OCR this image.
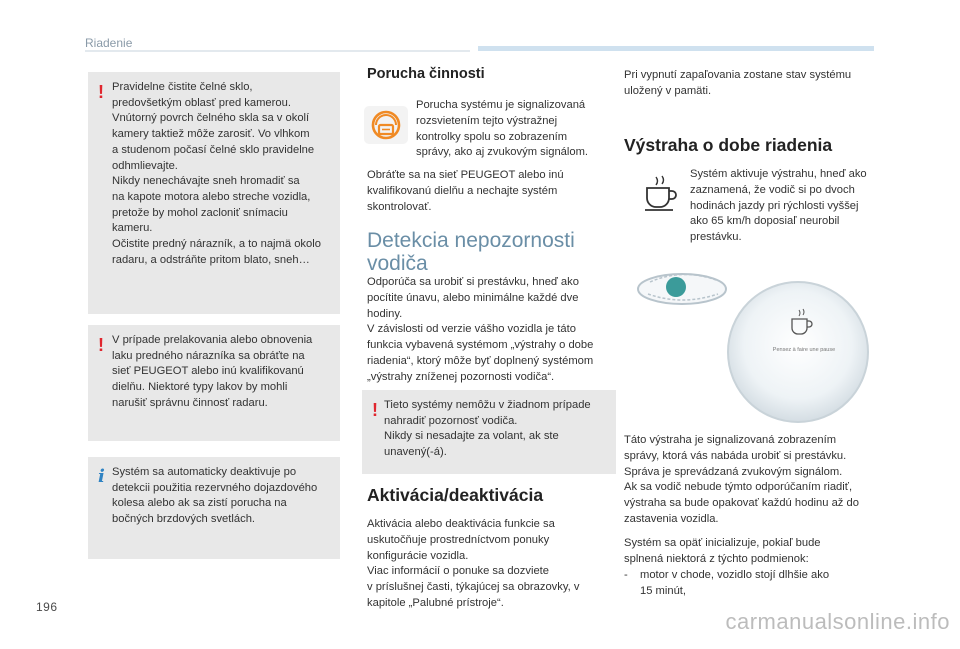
Riadenie
! Pravidelne čistite čelné sklo,
predovšetkým oblasť pred kamerou.
Vnútorný povrch čelného skla sa v okolí
kamery taktiež môže zarosiť. Vo vlhkom
a studenom počasí čelné sklo pravidelne
odhmlievajte.
Nikdy nenechávajte sneh hromadiť sa
na kapote motora alebo streche vozidla,
pretože by mohol zacloniť snímaciu
kameru.
Očistite predný nárazník, a to najmä okolo
radaru, a odstráňte pritom blato, sneh…

! V prípade prelakovania alebo obnovenia
laku predného nárazníka sa obráťte na
sieť PEUGEOT alebo inú kvalifikovanú
dielňu. Niektoré typy lakov by mohli
narušiť správnu činnosť radaru.

i Systém sa automaticky deaktivuje po
detekcii použitia rezervného dojazdového
kolesa alebo ak sa zistí porucha na
bočných brzdových svetlách.

Porucha činnosti

Porucha systému je signalizovaná
rozsvietením tejto výstražnej
kontrolky spolu so zobrazením
správy, ako aj zvukovým signálom.

Obráťte sa na sieť PEUGEOT alebo inú
kvalifikovanú dielňu a nechajte systém
skontrolovať.

Detekcia nepozornosti
vodiča

Odporúča sa urobiť si prestávku, hneď ako
pocítite únavu, alebo minimálne každé dve
hodiny.
V závislosti od verzie vášho vozidla je táto
funkcia vybavená systémom „výstrahy o dobe
riadenia“, ktorý môže byť doplnený systémom
„výstrahy zníženej pozornosti vodiča“.

! Tieto systémy nemôžu v žiadnom prípade
nahradiť pozornosť vodiča.
Nikdy si nesadajte za volant, ak ste
unavený(-á).

Aktivácia/deaktivácia

Aktivácia alebo deaktivácia funkcie sa
uskutočňuje prostredníctvom ponuky
konfigurácie vozidla.
Viac informácií o ponuke sa dozviete
v príslušnej časti, týkajúcej sa obrazovky, v
kapitole „Palubné prístroje“.

Pri vypnutí zapaľovania zostane stav systému
uložený v pamäti.

Výstraha o dobe riadenia

Systém aktivuje výstrahu, hneď ako
zaznamená, že vodič si po dvoch
hodinách jazdy pri rýchlosti vyššej
ako 65 km/h doposiaľ neurobil
prestávku.

Pensez à faire une pause

Táto výstraha je signalizovaná zobrazením
správy, ktorá vás nabáda urobiť si prestávku.
Správa je sprevádzaná zvukovým signálom.
Ak sa vodič nebude týmto odporúčaním riadiť,
výstraha sa bude opakovať každú hodinu až do
zastavenia vozidla.

Systém sa opäť inicializuje, pokiaľ bude
splnená niektorá z týchto podmienok:

- motor v chode, vozidlo stojí dlhšie ako
15 minút,

196
carmanualsonline.info
